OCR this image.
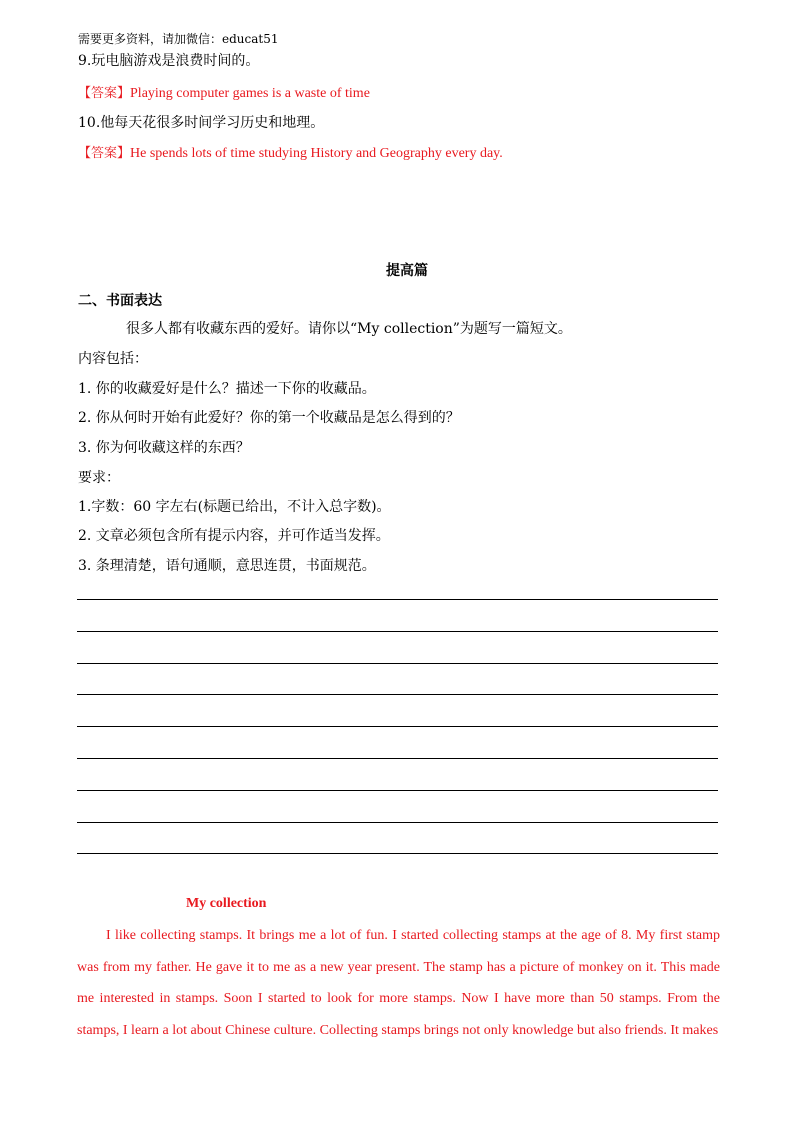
需要更多资料，请加微信：educat51
9.玩电脑游戏是浪费时间的。
【答案】Playing computer games is a waste of time
10.他每天花很多时间学习历史和地理。
【答案】He spends lots of time studying History and Geography every day.
提高篇
二、书面表达
很多人都有收藏东西的爱好。请你以“My collection”为题写一篇短文。
内容包括：
1. 你的收藏爱好是什么？描述一下你的收藏品。
2. 你从何时开始有此爱好？你的第一个收藏品是怎么得到的？
3. 你为何收藏这样的东西？
要求：
1.字数：60 字左右(标题已给出，不计入总字数)。
2. 文章必须包含所有提示内容，并可作适当发挥。
3. 条理清楚，语句通顺，意思连贯，书面规范。
My collection
I like collecting stamps. It brings me a lot of fun. I started collecting stamps at the age of 8. My first stamp was from my father. He gave it to me as a new year present. The stamp has a picture of monkey on it. This made me interested in stamps. Soon I started to look for more stamps. Now I have more than 50 stamps. From the stamps, I learn a lot about Chinese culture. Collecting stamps brings not only knowledge but also friends. It makes
